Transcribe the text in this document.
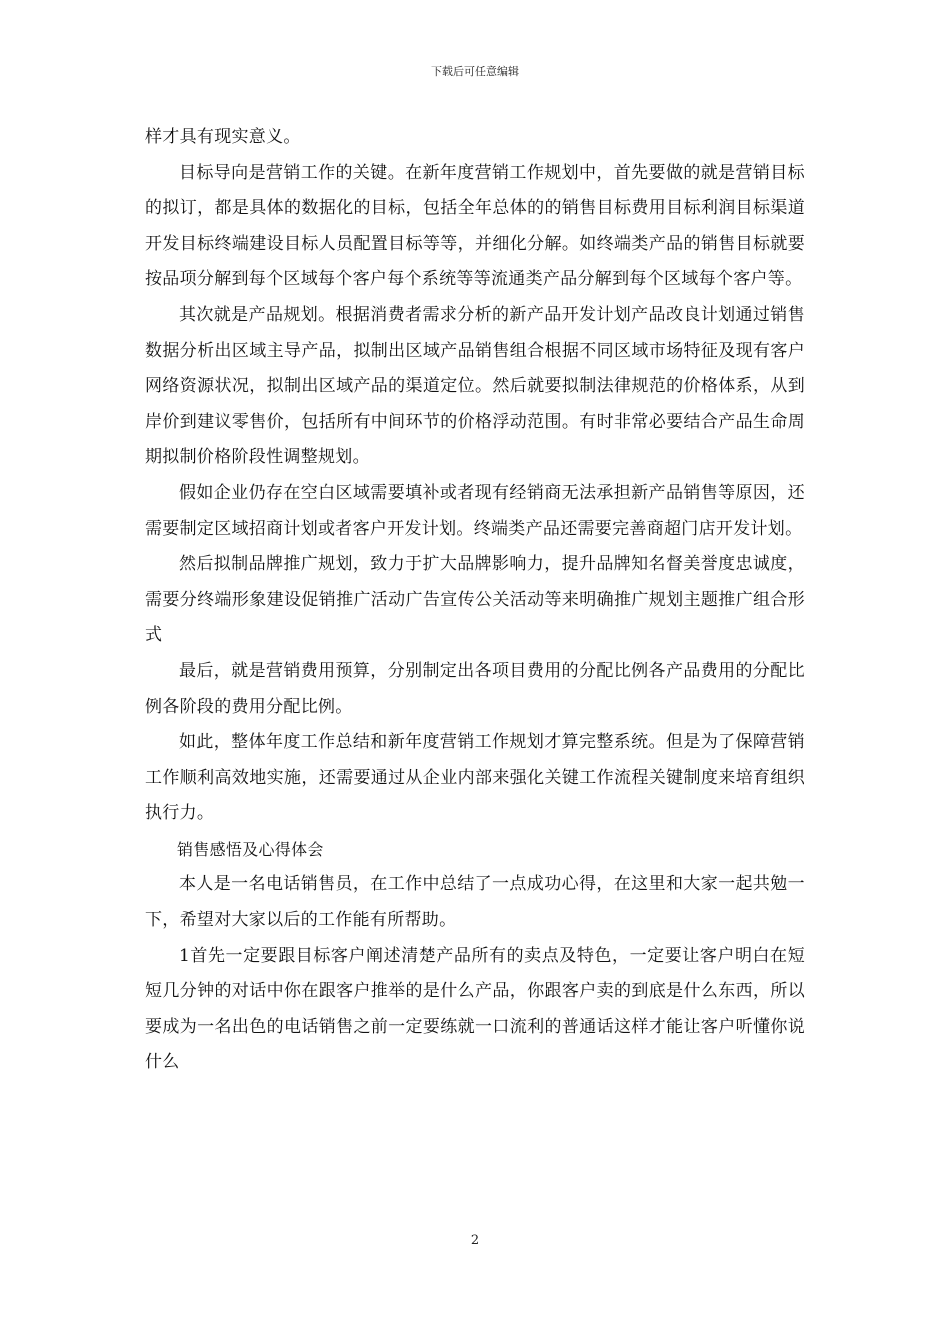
下载后可任意编辑

样才具有现实意义。

目标导向是营销工作的关键。在新年度营销工作规划中，首先要做的就是营销目标的拟订，都是具体的数据化的目标，包括全年总体的的销售目标费用目标利润目标渠道开发目标终端建设目标人员配置目标等等，并细化分解。如终端类产品的销售目标就要按品项分解到每个区域每个客户每个系统等等流通类产品分解到每个区域每个客户等。

其次就是产品规划。根据消费者需求分析的新产品开发计划产品改良计划通过销售数据分析出区域主导产品，拟制出区域产品销售组合根据不同区域市场特征及现有客户网络资源状况，拟制出区域产品的渠道定位。然后就要拟制法律规范的价格体系，从到岸价到建议零售价，包括所有中间环节的价格浮动范围。有时非常必要结合产品生命周期拟制价格阶段性调整规划。

假如企业仍存在空白区域需要填补或者现有经销商无法承担新产品销售等原因，还需要制定区域招商计划或者客户开发计划。终端类产品还需要完善商超门店开发计划。

然后拟制品牌推广规划，致力于扩大品牌影响力，提升品牌知名督美誉度忠诚度，需要分终端形象建设促销推广活动广告宣传公关活动等来明确推广规划主题推广组合形式

最后，就是营销费用预算，分别制定出各项目费用的分配比例各产品费用的分配比例各阶段的费用分配比例。

如此，整体年度工作总结和新年度营销工作规划才算完整系统。但是为了保障营销工作顺利高效地实施，还需要通过从企业内部来强化关键工作流程关键制度来培育组织执行力。

销售感悟及心得体会

本人是一名电话销售员，在工作中总结了一点成功心得，在这里和大家一起共勉一下，希望对大家以后的工作能有所帮助。

1首先一定要跟目标客户阐述清楚产品所有的卖点及特色，一定要让客户明白在短短几分钟的对话中你在跟客户推举的是什么产品，你跟客户卖的到底是什么东西，所以要成为一名出色的电话销售之前一定要练就一口流利的普通话这样才能让客户听懂你说什么

2
